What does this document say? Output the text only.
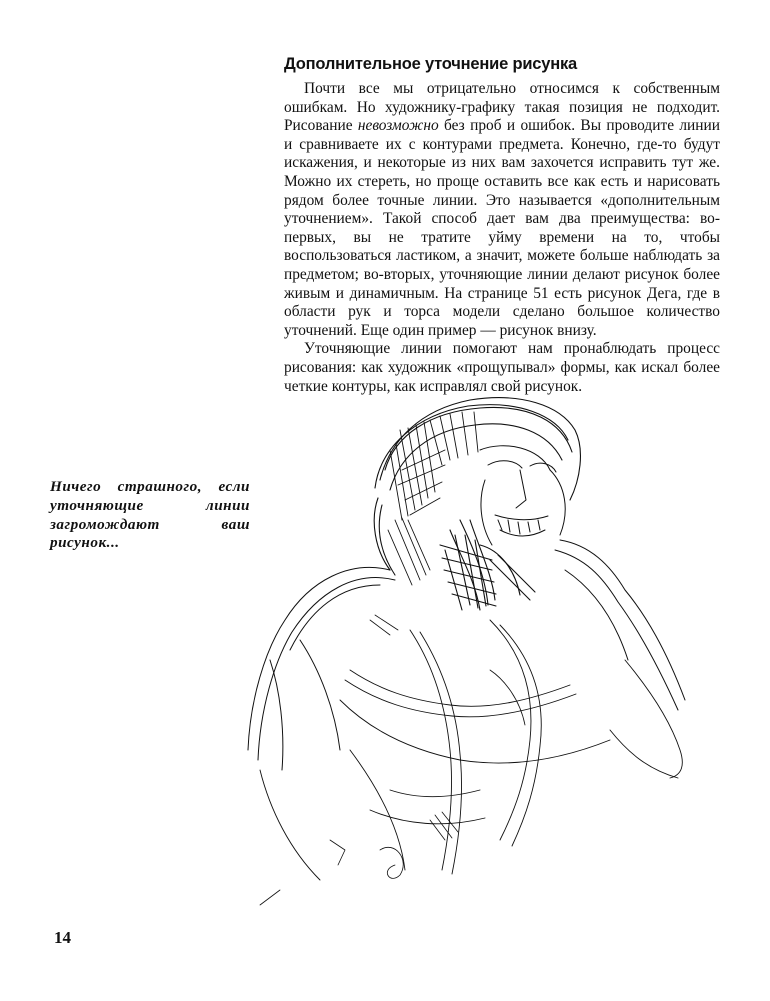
Дополнительное уточнение рисунка

Почти все мы отрицательно относимся к собственным ошибкам. Но художнику-графику такая позиция не подходит. Рисование невозможно без проб и ошибок. Вы проводите линии и сравниваете их с контурами предмета. Конечно, где-то будут искажения, и некоторые из них вам захочется исправить тут же. Можно их стереть, но проще оставить все как есть и нарисовать рядом более точные линии. Это называется «дополнительным уточнением». Такой способ дает вам два преимущества: во-первых, вы не тратите уйму времени на то, чтобы воспользоваться ластиком, а значит, можете больше наблюдать за предметом; во-вторых, уточняющие линии делают рисунок более живым и динамичным. На странице 51 есть рисунок Дега, где в области рук и торса модели сделано большое количество уточнений. Еще один пример — рисунок внизу.

Уточняющие линии помогают нам пронаблюдать процесс рисования: как художник «прощупывал» формы, как искал более четкие контуры, как исправлял свой рисунок.

Ничего страшного, если уточняющие линии загромождают ваш рисунок...
14
